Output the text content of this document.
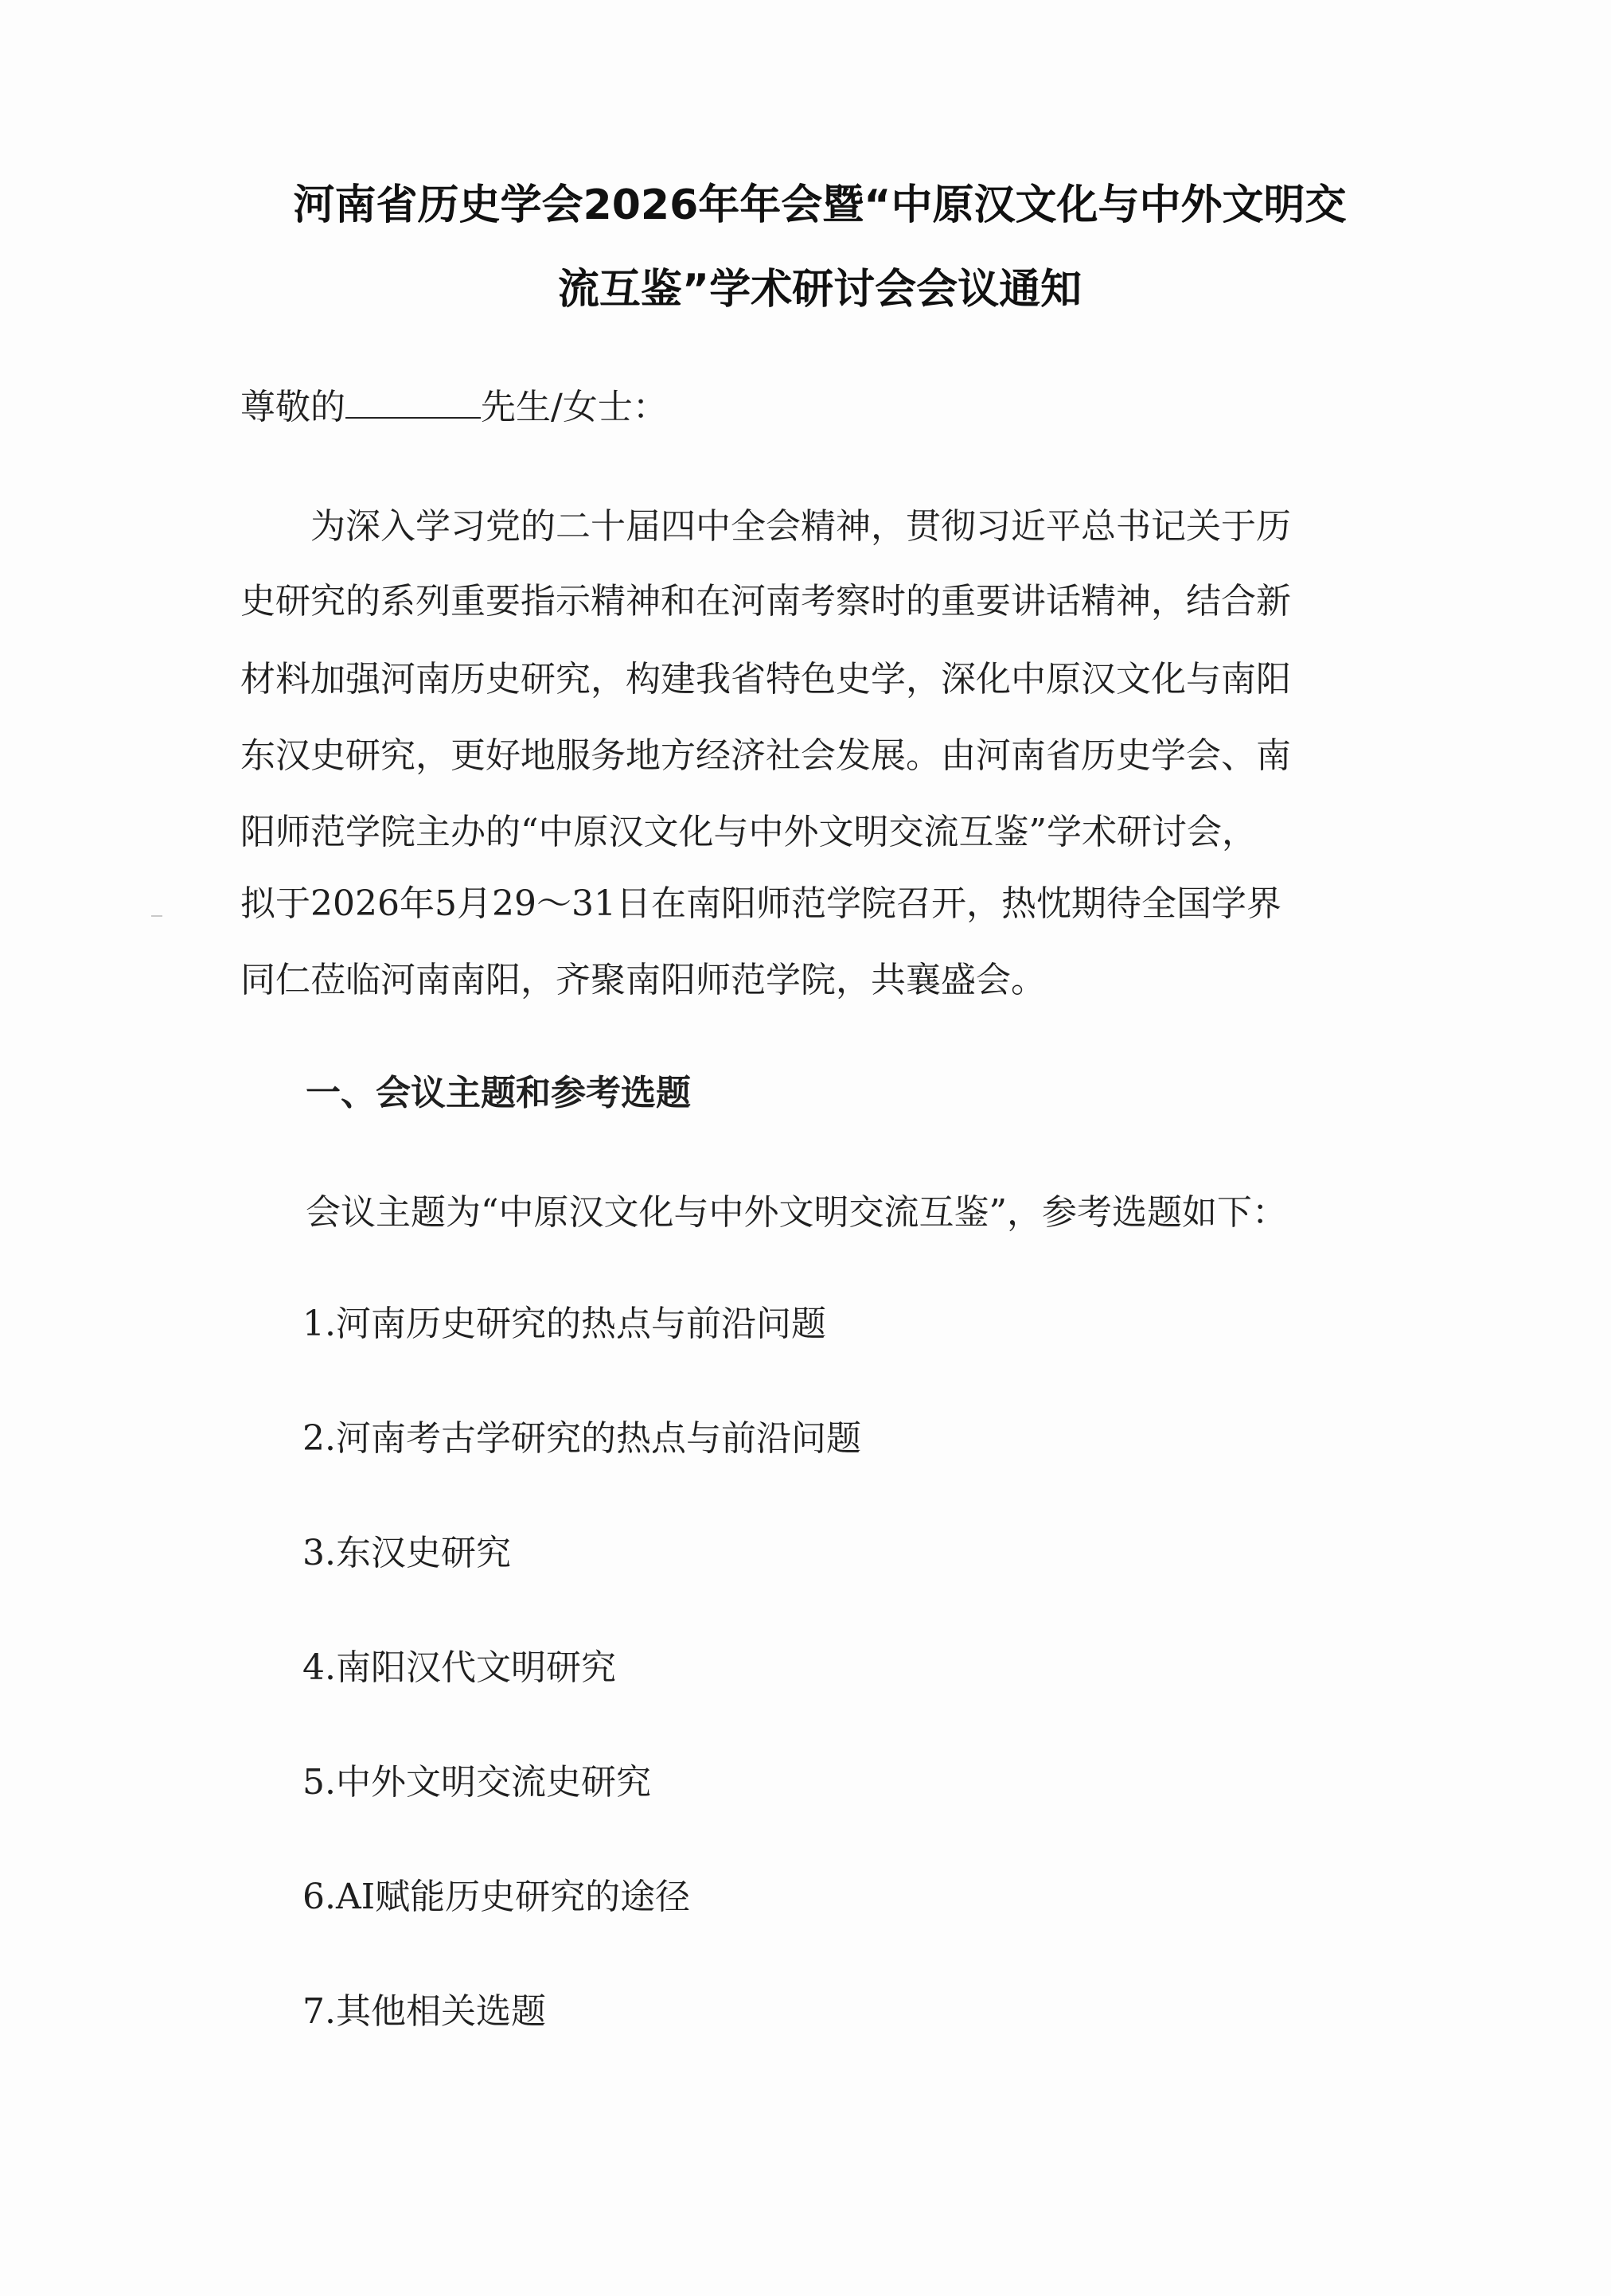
河南省历史学会2026年年会暨“中原汉文化与中外文明交
流互鉴”学术研讨会会议通知
尊敬的	先生/女士：
　　为深入学习党的二十届四中全会精神，贯彻习近平总书记关于历
史研究的系列重要指示精神和在河南考察时的重要讲话精神，结合新
材料加强河南历史研究，构建我省特色史学，深化中原汉文化与南阳
东汉史研究，更好地服务地方经济社会发展。由河南省历史学会、南
阳师范学院主办的“中原汉文化与中外文明交流互鉴”学术研讨会，
拟于2026年5月29～31日在南阳师范学院召开，热忱期待全国学界
同仁莅临河南南阳，齐聚南阳师范学院，共襄盛会。
一、会议主题和参考选题
会议主题为“中原汉文化与中外文明交流互鉴”，参考选题如下：
1.河南历史研究的热点与前沿问题
2.河南考古学研究的热点与前沿问题
3.东汉史研究
4.南阳汉代文明研究
5.中外文明交流史研究
6.AI赋能历史研究的途径
7.其他相关选题
